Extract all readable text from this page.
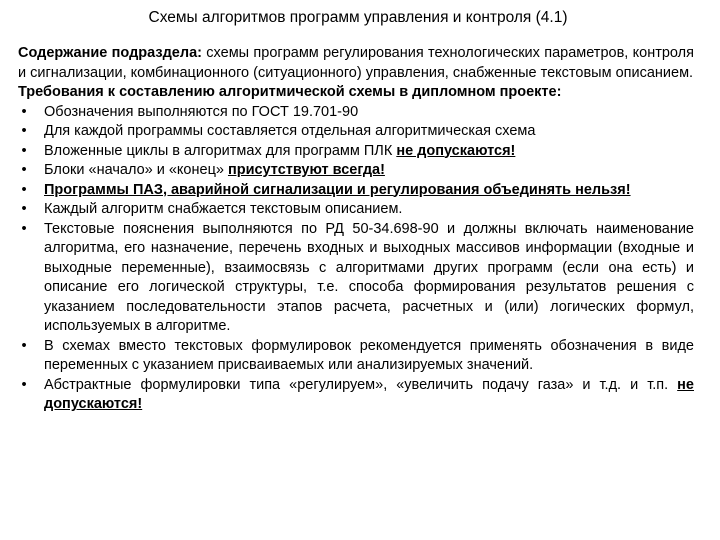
Схемы алгоритмов программ управления и контроля (4.1)

Содержание подраздела: схемы программ регулирования технологических параметров, контроля и сигнализации, комбинационного (ситуационного) управления, снабженные текстовым описанием.

Требования к составлению алгоритмической схемы в дипломном проекте:

• Обозначения выполняются по ГОСТ 19.701-90
• Для каждой программы составляется отдельная алгоритмическая схема
• Вложенные циклы в алгоритмах для программ ПЛК не допускаются!
• Блоки «начало» и «конец» присутствуют всегда!
• Программы ПАЗ, аварийной сигнализации и регулирования объединять нельзя!
• Каждый алгоритм снабжается текстовым описанием.
• Текстовые пояснения выполняются по РД 50-34.698-90 и должны включать наименование алгоритма, его назначение, перечень входных и выходных массивов информации (входные и выходные переменные), взаимосвязь с алгоритмами других программ (если она есть) и описание его логической структуры, т.е. способа формирования результатов решения с указанием последовательности этапов расчета, расчетных и (или) логических формул, используемых в алгоритме.
• В схемах вместо текстовых формулировок рекомендуется применять обозначения в виде переменных с указанием присваиваемых или анализируемых значений.
• Абстрактные формулировки типа «регулируем», «увеличить подачу газа» и т.д. и т.п. не допускаются!
